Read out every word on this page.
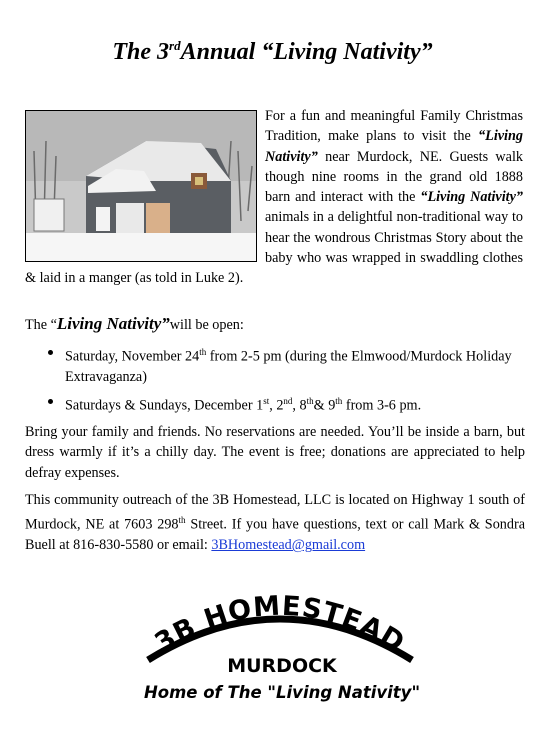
The 3rdAnnual “Living Nativity”
For a fun and meaningful Family Christmas Tradition, make plans to visit the “Living Nativity” near Murdock, NE. Guests walk though nine rooms in the grand old 1888 barn and interact with the “Living Nativity” animals in a delightful non-traditional way to hear the wondrous Christmas Story about the baby who was wrapped in swaddling clothes & laid in a manger (as told in Luke 2).
The “Living Nativity”will be open:
Saturday, November 24th from 2-5 pm (during the Elmwood/Murdock Holiday Extravaganza)
Saturdays & Sundays, December 1st, 2nd, 8th& 9th from 3-6 pm.
Bring your family and friends. No reservations are needed. You’ll be inside a barn, but dress warmly if it’s a chilly day. The event is free; donations are appreciated to help defray expenses.
This community outreach of the 3B Homestead, LLC is located on Highway 1 south of Murdock, NE at 7603 298th Street. If you have questions, text or call Mark & Sondra Buell at 816-830-5580 or email: 3BHomestead@gmail.com
3B HOMESTEAD
MURDOCK
Home of The "Living Nativity"
